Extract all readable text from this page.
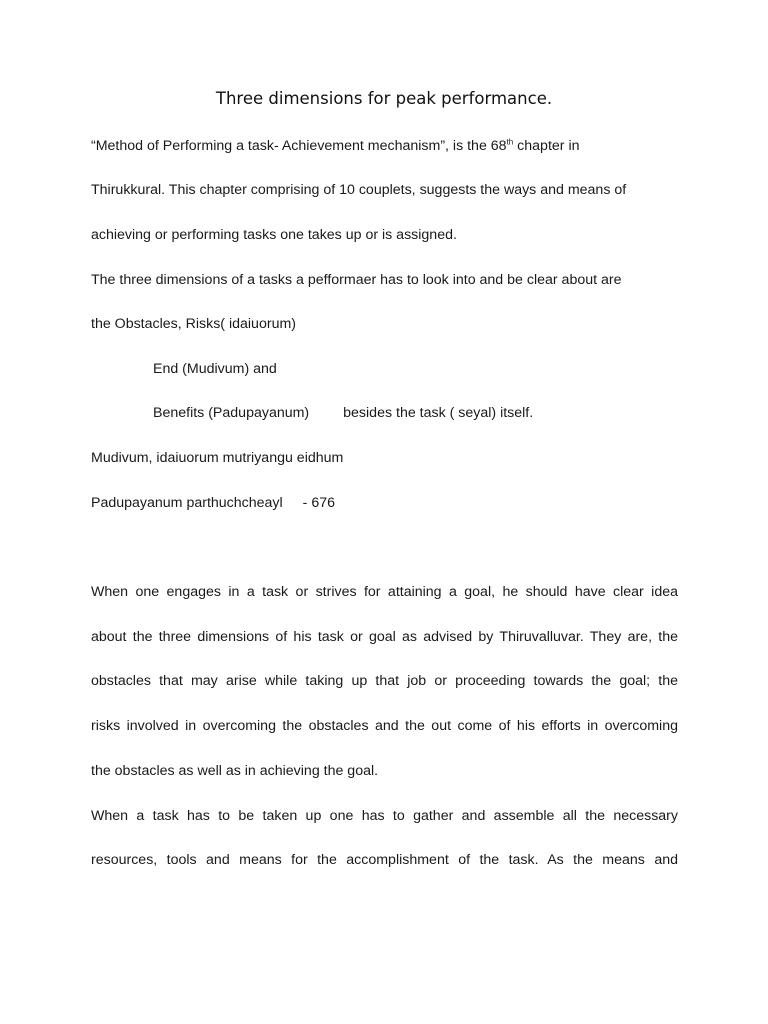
Three dimensions for peak performance.
“Method of Performing a task- Achievement mechanism”, is the 68th chapter in
Thirukkural. This chapter comprising of 10 couplets, suggests the ways and means of
achieving or performing tasks one takes up or is assigned.
The three dimensions of a tasks a pefformaer has to look into and be clear about are
the Obstacles, Risks( idaiuorum)
End (Mudivum) and
Benefits (Padupayanum) besides the task ( seyal) itself.
Mudivum, idaiuorum mutriyangu eidhum
Padupayanum parthuchcheayl - 676
When one engages in a task or strives for attaining a goal, he should have clear idea
about the three dimensions of his task or goal as advised by Thiruvalluvar. They are, the
obstacles that may arise while taking up that job or proceeding towards the goal; the
risks involved in overcoming the obstacles and the out come of his efforts in overcoming
the obstacles as well as in achieving the goal.
When a task has to be taken up one has to gather and assemble all the necessary
resources, tools and means for the accomplishment of the task. As the means and
